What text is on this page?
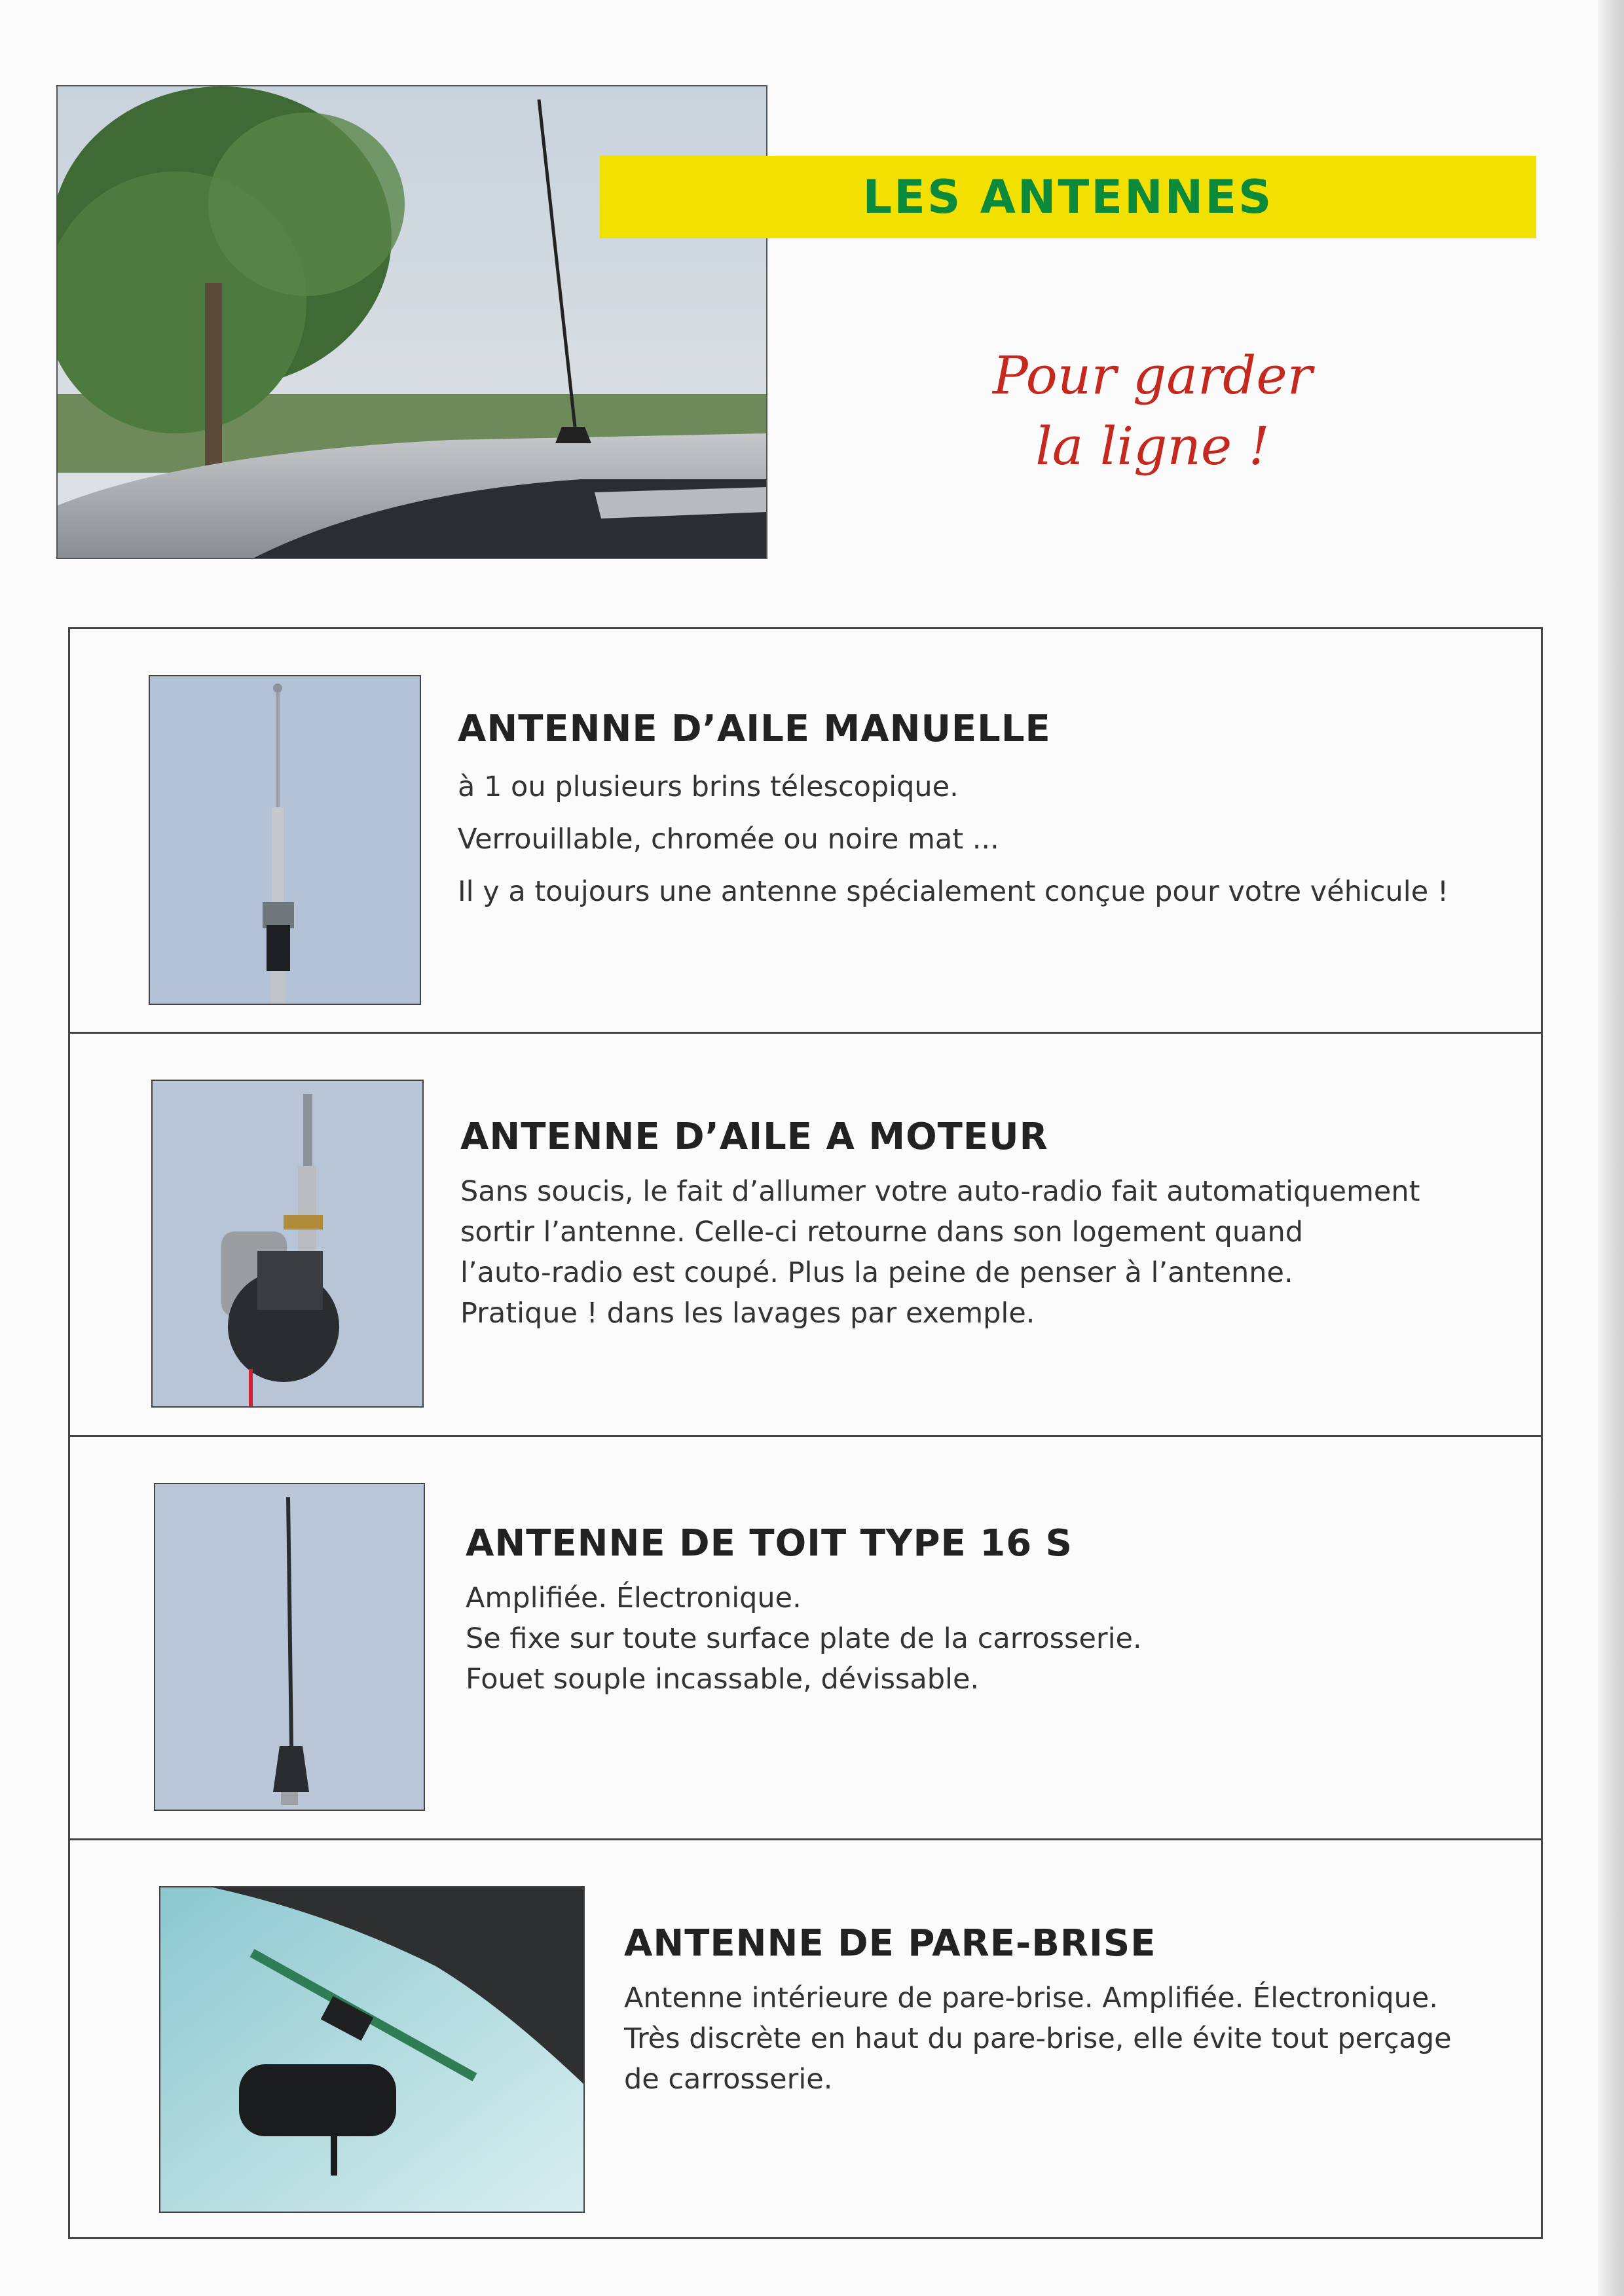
LES ANTENNES
Pour garder
la ligne !
ANTENNE D’AILE MANUELLE

à 1 ou plusieurs brins télescopique.

Verrouillable, chromée ou noire mat ...

Il y a toujours une antenne spécialement conçue pour votre véhicule !

ANTENNE D’AILE A MOTEUR

Sans soucis, le fait d’allumer votre auto-radio fait automatiquement

sortir l’antenne. Celle-ci retourne dans son logement quand

l’auto-radio est coupé. Plus la peine de penser à l’antenne.

Pratique ! dans les lavages par exemple.

ANTENNE DE TOIT TYPE 16 S

Amplifiée. Électronique.

Se fixe sur toute surface plate de la carrosserie.

Fouet souple incassable, dévissable.

ANTENNE DE PARE-BRISE

Antenne intérieure de pare-brise. Amplifiée. Électronique.

Très discrète en haut du pare-brise, elle évite tout perçage

de carrosserie.
